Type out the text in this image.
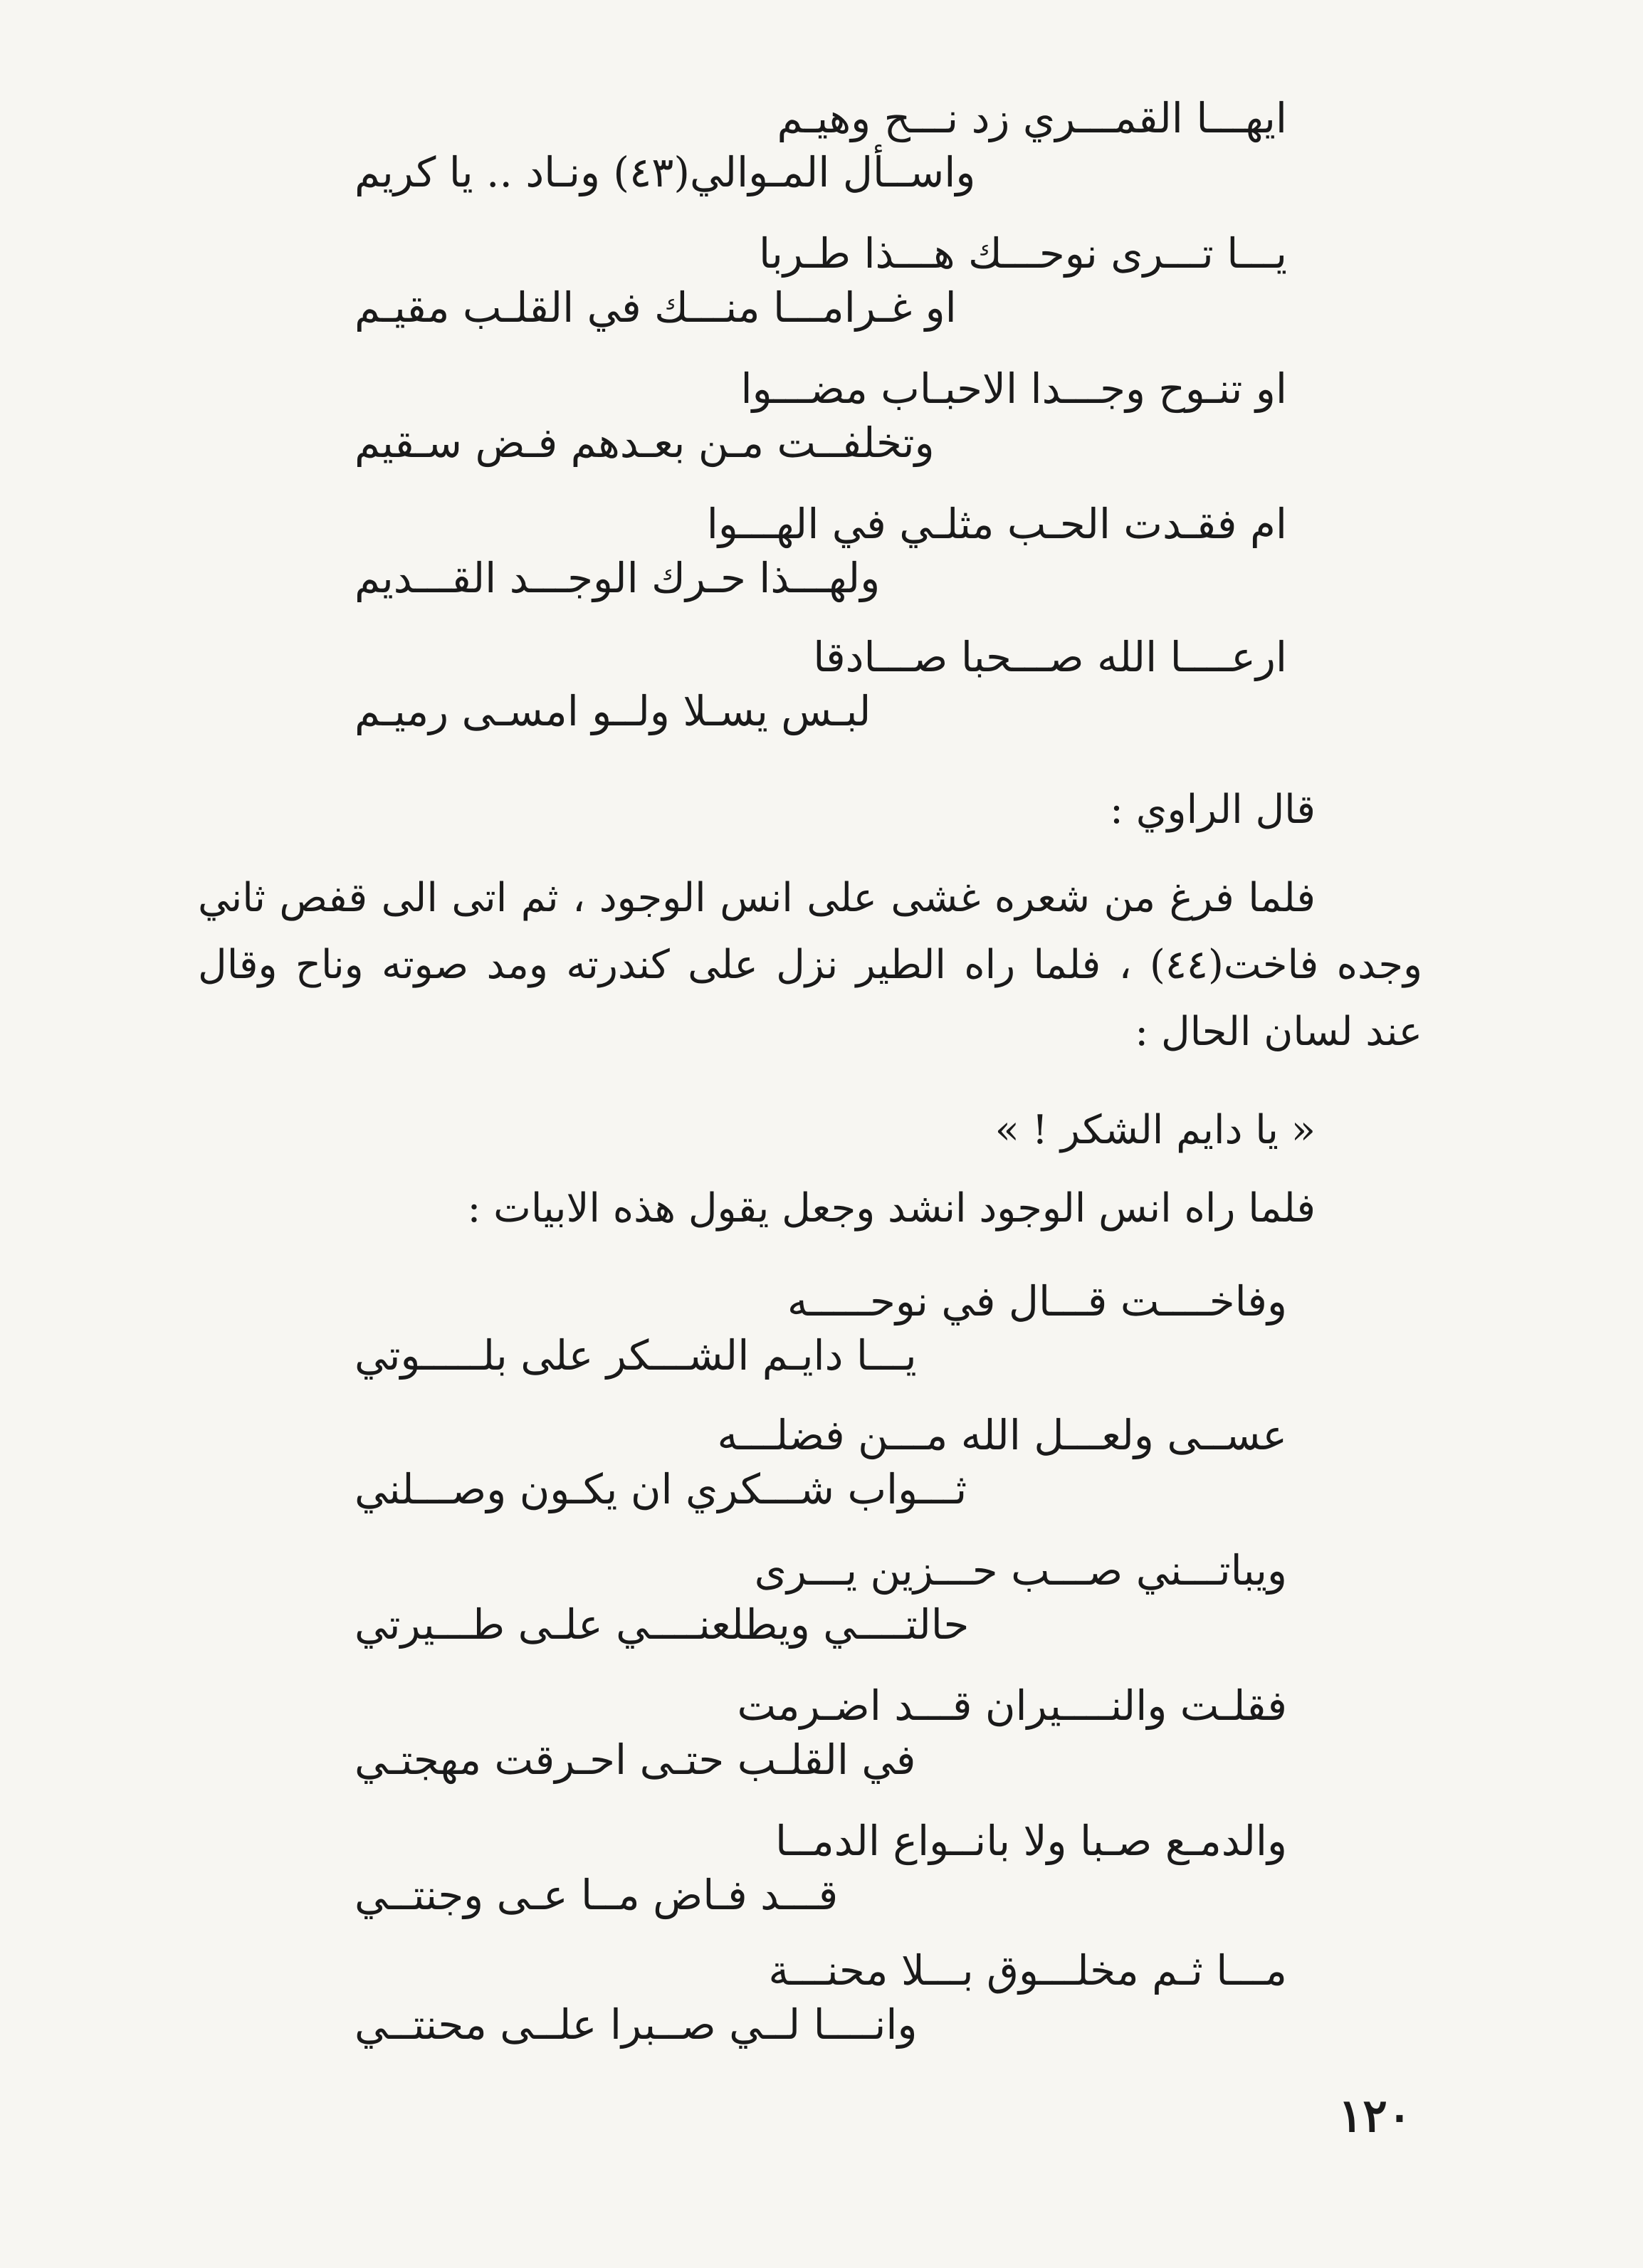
ايهـــا القمـــري زد نـــح وهيـم
واســأل المـوالي(٤٣) ونـاد .. يا كريم
يـــا تـــرى نوحـــك هـــذا طـربا
او غـرامـــا منـــك في القلـب مقيـم
او تنـوح وجـــدا الاحبـاب مضـــوا
وتخلفــت مـن بعـدهم فـض سـقيم
ام فقـدت الحـب مثلـي في الهـــوا
ولهـــذا حـرك الوجـــد القـــديم
ارعــــا الله صـــحبا صـــادقا
لبـس يسـلا ولــو امسـى رميـم
قال الراوي :

فلما فرغ من شعره غشى على انس الوجود ، ثم اتى الى قفص ثاني وجده فاخت(٤٤) ، فلما راه الطير نزل على كندرته ومد صوته وناح وقال عند لسان الحال :

« يا دايم الشكر ! »
فلما راه انس الوجود انشد وجعل يقول هذه الابيات :
وفاخــــت قـــال في نوحـــــه
يـــا دايـم الشـــكر على بلـــــوتي
عســى ولعـــل الله مـــن فضلـــه
ثـــواب شـــكري ان يكـون وصـــلني
ويباتـــني صـــب حـــزين يـــرى
حالتــــي ويطلعنــــي علـى طـــيرتي
فقلـت والنــــيران قـــد اضـرمت
في القلـب حتـى احـرقت مهجتـي
والدمـع صـبا ولا بانــواع الدمــا
قـــد فـاض مــا عـى وجنتــي
مـــا ثـم مخلـــوق بـــلا محنـــة
وانــــا لــي صــبرا علــى محنتــي
١٢٠
